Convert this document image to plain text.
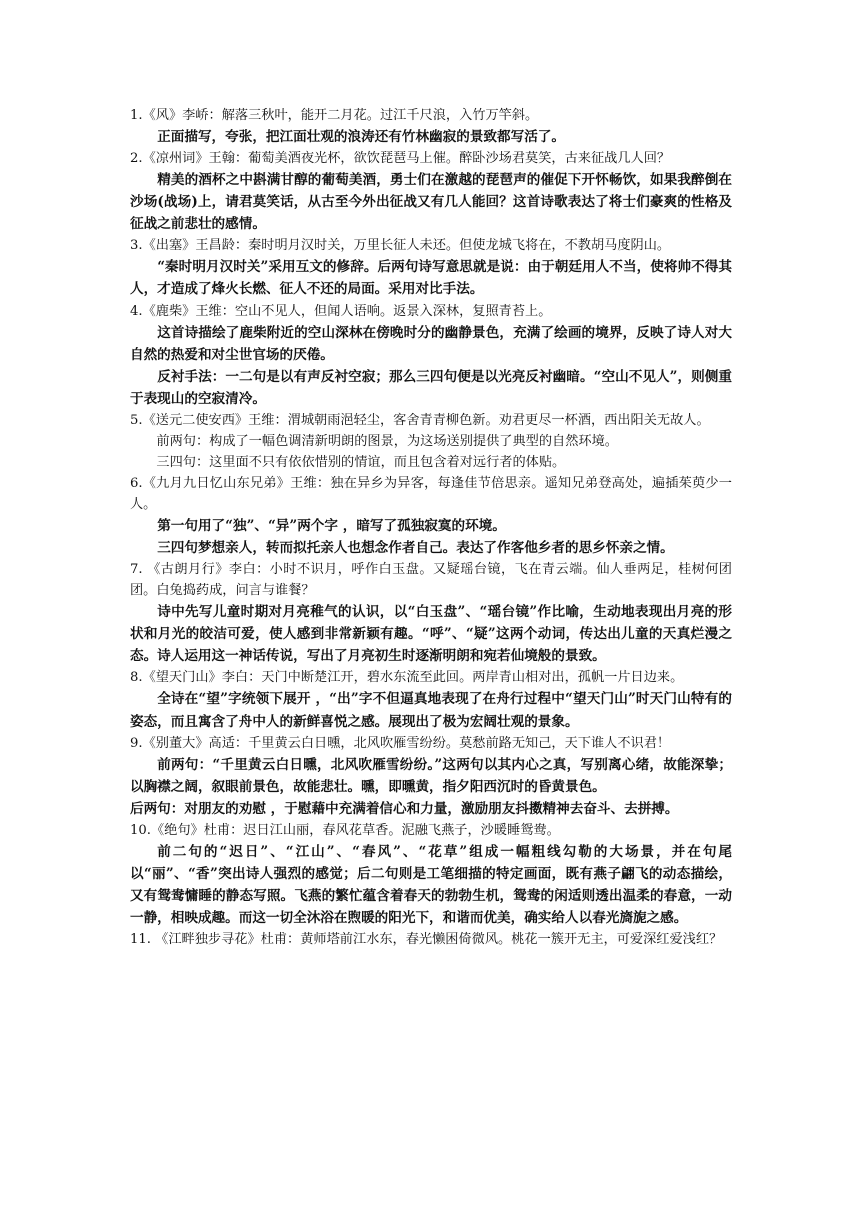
1.《风》李峤：解落三秋叶，能开二月花。过江千尺浪，入竹万竿斜。

正面描写，夸张，把江面壮观的浪涛还有竹林幽寂的景致都写活了。

2.《凉州词》王翰：葡萄美酒夜光杯，欲饮琵琶马上催。醉卧沙场君莫笑，古来征战几人回？

精美的酒杯之中斟满甘醇的葡萄美酒，勇士们在激越的琵琶声的催促下开怀畅饮，如果我醉倒在沙场(战场)上，请君莫笑话，从古至今外出征战又有几人能回？这首诗歌表达了将士们豪爽的性格及征战之前悲壮的感情。

3.《出塞》王昌龄：秦时明月汉时关，万里长征人未还。但使龙城飞将在，不教胡马度阴山。

“秦时明月汉时关”采用互文的修辞。后两句诗写意思就是说：由于朝廷用人不当，使将帅不得其人，才造成了烽火长燃、征人不还的局面。采用对比手法。

4.《鹿柴》王维：空山不见人，但闻人语响。返景入深林，复照青苔上。

这首诗描绘了鹿柴附近的空山深林在傍晚时分的幽静景色，充满了绘画的境界，反映了诗人对大自然的热爱和对尘世官场的厌倦。

反衬手法：一二句是以有声反衬空寂；那么三四句便是以光亮反衬幽暗。“空山不见人”，则侧重于表现山的空寂清冷。

5.《送元二使安西》王维：渭城朝雨浥轻尘，客舍青青柳色新。劝君更尽一杯酒，西出阳关无故人。

前两句：构成了一幅色调清新明朗的图景，为这场送别提供了典型的自然环境。

三四句：这里面不只有依依惜别的情谊，而且包含着对远行者的体贴。

6.《九月九日忆山东兄弟》王维：独在异乡为异客，每逢佳节倍思亲。遥知兄弟登高处，遍插茱萸少一人。

第一句用了“独”、“异”两个字 ，暗写了孤独寂寞的环境。

三四句梦想亲人，转而拟托亲人也想念作者自己。表达了作客他乡者的思乡怀亲之情。

7. 《古朗月行》李白：小时不识月，呼作白玉盘。又疑瑶台镜，飞在青云端。仙人垂两足，桂树何团团。白兔捣药成，问言与谁餐？

诗中先写儿童时期对月亮稚气的认识，以“白玉盘”、“瑶台镜”作比喻，生动地表现出月亮的形状和月光的皎洁可爱，使人感到非常新颖有趣。“呼”、“疑”这两个动词，传达出儿童的天真烂漫之态。诗人运用这一神话传说，写出了月亮初生时逐渐明朗和宛若仙境般的景致。

8.《望天门山》李白：天门中断楚江开，碧水东流至此回。两岸青山相对出，孤帆一片日边来。

全诗在“望”字统领下展开 ，“出”字不但逼真地表现了在舟行过程中“望天门山”时天门山特有的姿态，而且寓含了舟中人的新鲜喜悦之感。展现出了极为宏阔壮观的景象。

9.《别董大》高适：千里黄云白日曛，北风吹雁雪纷纷。莫愁前路无知己，天下谁人不识君！

前两句：“千里黄云白日曛，北风吹雁雪纷纷。”这两句以其内心之真，写别离心绪，故能深挚；以胸襟之阔，叙眼前景色，故能悲壮。曛，即曛黄，指夕阳西沉时的昏黄景色。

后两句：对朋友的劝慰 ，于慰藉中充满着信心和力量，激励朋友抖擞精神去奋斗、去拼搏。

10.《绝句》杜甫：迟日江山丽，春风花草香。泥融飞燕子，沙暖睡鸳鸯。

前二句的“迟日”、“江山”、“春风”、“花草”组成一幅粗线勾勒的大场景，并在句尾以“丽”、“香”突出诗人强烈的感觉；后二句则是工笔细描的特定画面，既有燕子翩飞的动态描绘，又有鸳鸯慵睡的静态写照。飞燕的繁忙蕴含着春天的勃勃生机，鸳鸯的闲适则透出温柔的春意，一动一静，相映成趣。而这一切全沐浴在煦暖的阳光下，和谐而优美，确实给人以春光旖旎之感。

11. 《江畔独步寻花》杜甫：黄师塔前江水东，春光懒困倚微风。桃花一簇开无主，可爱深红爱浅红？
